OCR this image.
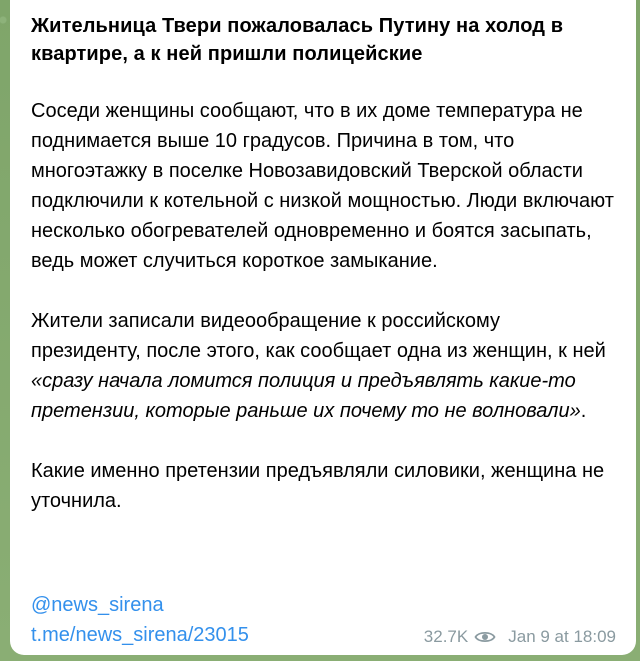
Жительница Твери пожаловалась Путину на холод в квартире, а к ней пришли полицейские
Соседи женщины сообщают, что в их доме температура не поднимается выше 10 градусов. Причина в том, что многоэтажку в поселке Новозавидовский Тверской области подключили к котельной с низкой мощностью. Люди включают несколько обогревателей одновременно и боятся засыпать, ведь может случиться короткое замыкание.
Жители записали видеообращение к российскому президенту, после этого, как сообщает одна из женщин, к ней «сразу начала ломится полиция и предъявлять какие-то претензии, которые раньше их почему то не волновали».
Какие именно претензии предъявляли силовики, женщина не уточнила.
@news_sirena
t.me/news_sirena/23015	32.7K Jan 9 at 18:09
